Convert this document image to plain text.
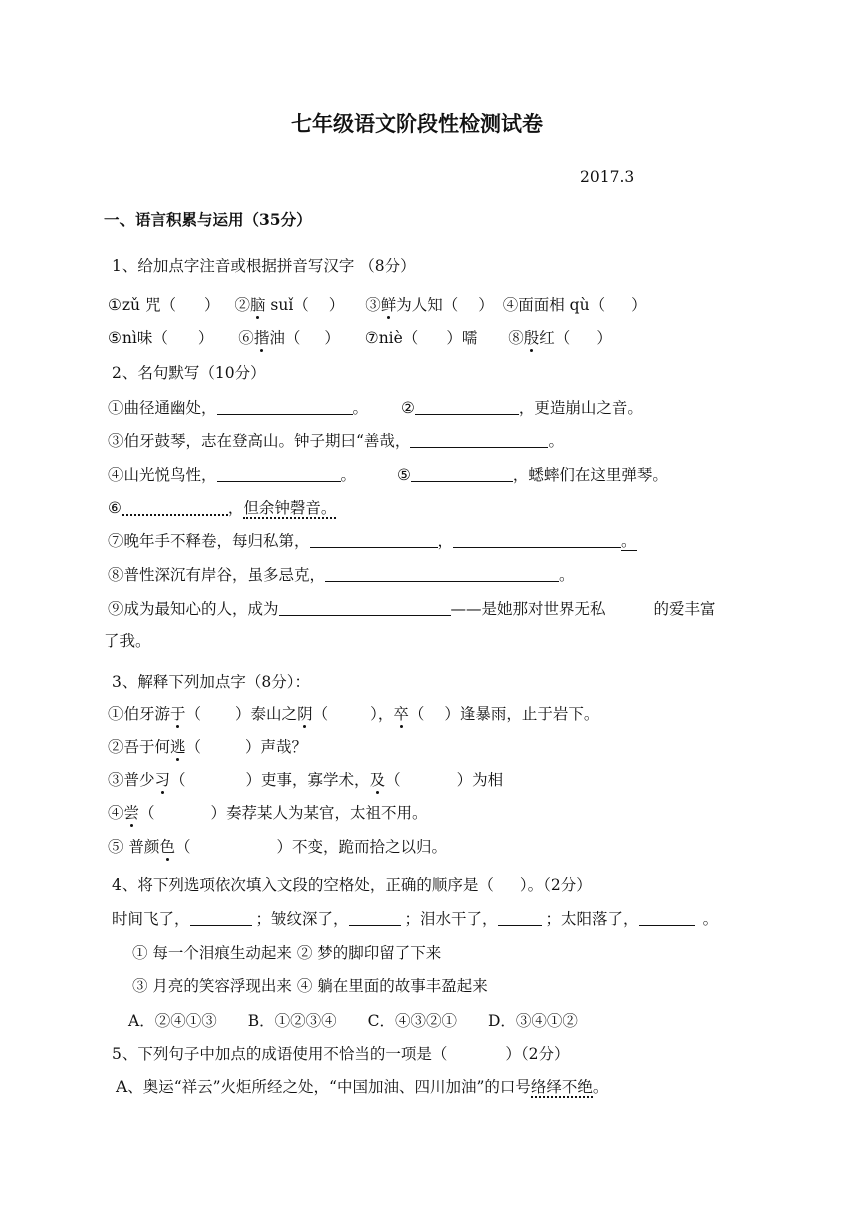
七年级语文阶段性检测试卷
2017.3
一、语言积累与运用（35分）
1、给加点字注音或根据拼音写汉字 （8分）
①zǔ 咒（ ） ②脑 suǐ（ ） ③鲜为人知（ ） ④面面相 qù（ ）
⑤nì味（ ） ⑥揩油（ ） ⑦niè（ ）嚅 ⑧殷红（ ）
2、名句默写（10分）
①曲径通幽处，	。 ②	，更造崩山之音。
③伯牙鼓琴，志在登高山。钟子期曰“善哉，	。
④山光悦鸟性，	。	⑤	，蟋蟀们在这里弹琴。
⑥	，但余钟磬音。
⑦晚年手不释卷，每归私第，	，	。
⑧普性深沉有岸谷，虽多忌克，	。
⑨成为最知心的人，成为	——是她那对世界无私	的爱丰富
了我。
3、解释下列加点字（8分）：
①伯牙游于（ ）泰山之阴（	），卒（ ）逢暴雨，止于岩下。
②吾于何逃（	）声哉？
③普少习（	）吏事，寡学术，及（	）为相
④尝（	）奏荐某人为某官，太祖不用。
⑤ 普颜色（	）不变，跪而拾之以归。
4、将下列选项依次填入文段的空格处，正确的顺序是（ ）。（2分）
时间飞了，	；皱纹深了，	；泪水干了，	；太阳落了，	。
① 每一个泪痕生动起来 ② 梦的脚印留了下来
③ 月亮的笑容浮现出来 ④ 躺在里面的故事丰盈起来
A．②④①③　　B．①②③④　　C．④③②①　　D．③④①②
5、下列句子中加点的成语使用不恰当的一项是（	）（2分）
A、奥运“祥云”火炬所经之处，“中国加油、四川加油”的口号络绎不绝。
